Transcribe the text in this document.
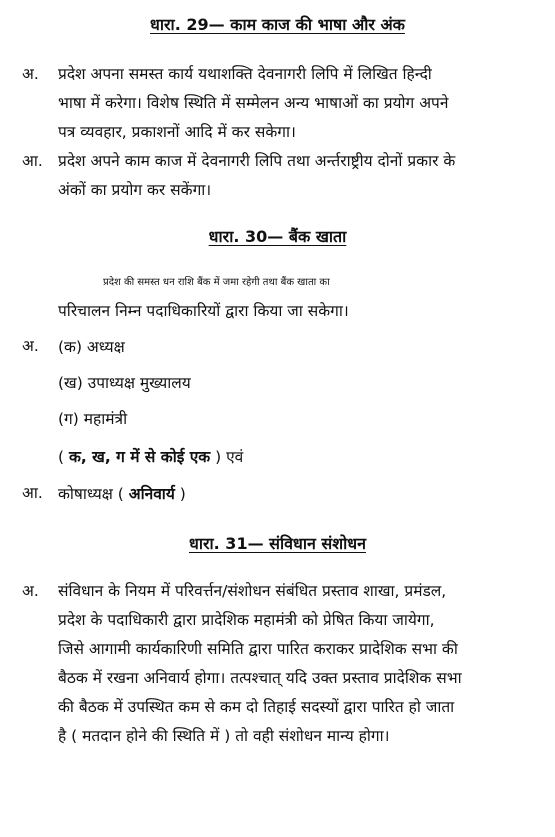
धारा. 29— काम काज की भाषा और अंक
अ. प्रदेश अपना समस्त कार्य यथाशक्ति देवनागरी लिपि में लिखित हिन्दी
भाषा में करेगा। विशेष स्थिति में सम्मेलन अन्य भाषाओं का प्रयोग अपने
पत्र व्यवहार, प्रकाशनों आदि में कर सकेगा।

आ. प्रदेश अपने काम काज में देवनागरी लिपि तथा अर्न्तराष्ट्रीय दोनों प्रकार के
अंकों का प्रयोग कर सकेंगा।

धारा. 30— बैंक खाता

प्रदेश की समस्त धन राशि बैंक में जमा रहेगी तथा बैंक खाता का
परिचालन निम्न पदाधिकारियों द्वारा किया जा सकेगा।

अ. (क) अध्यक्ष
(ख) उपाध्यक्ष मुख्यालय
(ग) महामंत्री
( क, ख, ग में से कोई एक ) एवं
आ. कोषाध्यक्ष ( अनिवार्य )
धारा. 31— संविधान संशोधन
अ. संविधान के नियम में परिवर्त्तन/संशोधन संबंधित प्रस्ताव शाखा, प्रमंडल,
प्रदेश के पदाधिकारी द्वारा प्रादेशिक महामंत्री को प्रेषित किया जायेगा,
जिसे आगामी कार्यकारिणी समिति द्वारा पारित कराकर प्रादेशिक सभा की
बैठक में रखना अनिवार्य होगा। तत्पश्चात् यदि उक्त प्रस्ताव प्रादेशिक सभा
की बैठक में उपस्थित कम से कम दो तिहाई सदस्यों द्वारा पारित हो जाता
है ( मतदान होने की स्थिति में ) तो वही संशोधन मान्य होगा।
